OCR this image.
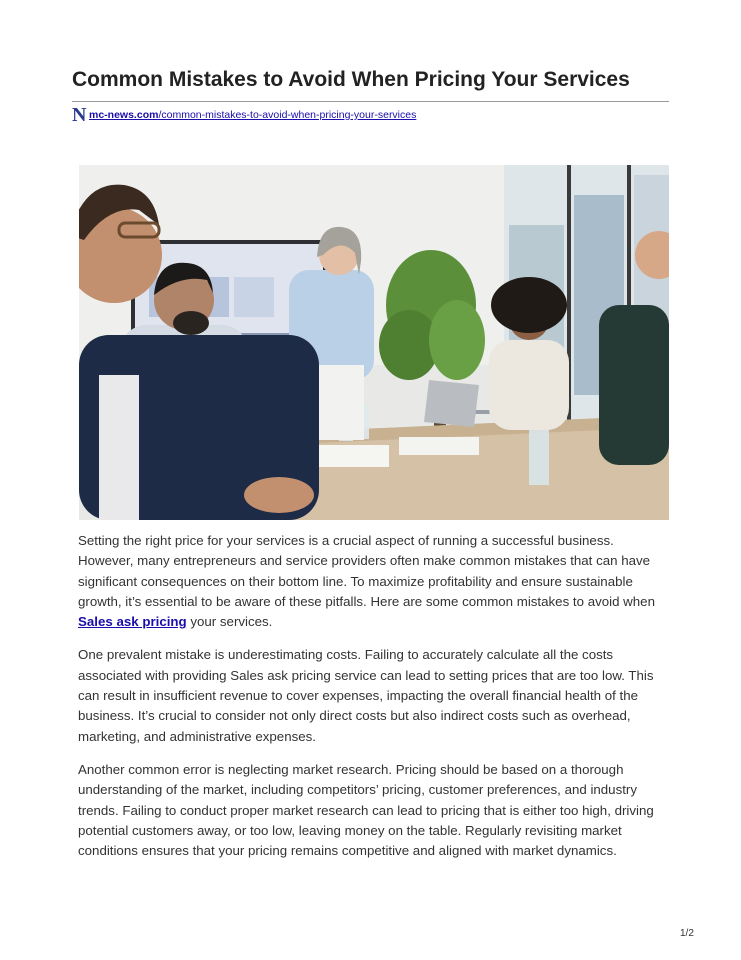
Common Mistakes to Avoid When Pricing Your Services
N mc-news.com/common-mistakes-to-avoid-when-pricing-your-services

Setting the right price for your services is a crucial aspect of running a successful business. However, many entrepreneurs and service providers often make common mistakes that can have significant consequences on their bottom line. To maximize profitability and ensure sustainable growth, it’s essential to be aware of these pitfalls. Here are some common mistakes to avoid when Sales ask pricing your services.

One prevalent mistake is underestimating costs. Failing to accurately calculate all the costs associated with providing Sales ask pricing service can lead to setting prices that are too low. This can result in insufficient revenue to cover expenses, impacting the overall financial health of the business. It’s crucial to consider not only direct costs but also indirect costs such as overhead, marketing, and administrative expenses.

Another common error is neglecting market research. Pricing should be based on a thorough understanding of the market, including competitors’ pricing, customer preferences, and industry trends. Failing to conduct proper market research can lead to pricing that is either too high, driving potential customers away, or too low, leaving money on the table. Regularly revisiting market conditions ensures that your pricing remains competitive and aligned with market dynamics.

1/2
